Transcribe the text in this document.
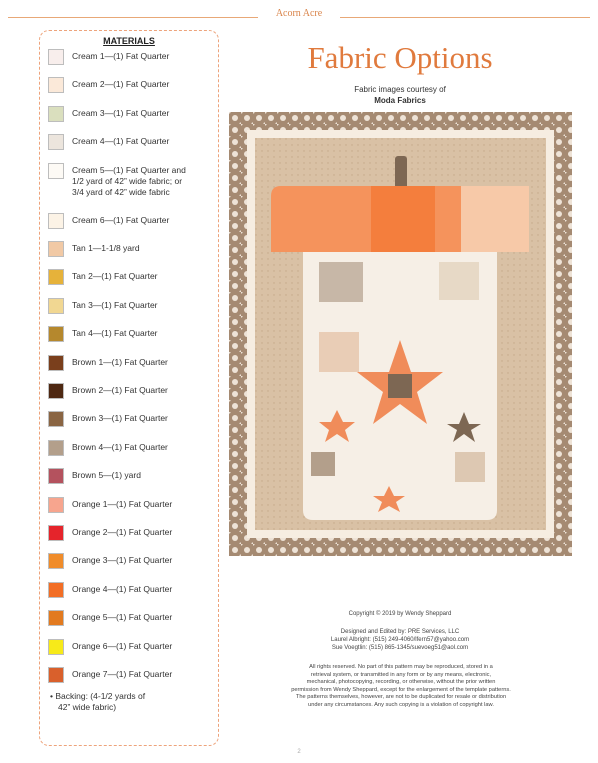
Acorn Acre
MATERIALS
Cream 1—(1) Fat Quarter
Cream 2—(1) Fat Quarter
Cream 3—(1) Fat Quarter
Cream 4—(1) Fat Quarter
Cream 5—(1) Fat Quarter and
1/2 yard of 42” wide fabric; or
3/4 yard of 42” wide fabric
Cream 6—(1) Fat Quarter
Tan 1—1-1/8 yard
Tan 2—(1) Fat Quarter
Tan 3—(1) Fat Quarter
Tan 4—(1) Fat Quarter
Brown 1—(1) Fat Quarter
Brown 2—(1) Fat Quarter
Brown 3—(1) Fat Quarter
Brown 4—(1) Fat Quarter
Brown 5—(1) yard
Orange 1—(1) Fat Quarter
Orange 2—(1) Fat Quarter
Orange 3—(1) Fat Quarter
Orange 4—(1) Fat Quarter
Orange 5—(1) Fat Quarter
Orange 6—(1) Fat Quarter
Orange 7—(1) Fat Quarter
• Backing: (4-1/2 yards of
42” wide fabric)
Fabric Options
Fabric images courtesy of
Moda Fabrics
Copyright © 2019 by Wendy Sheppard
Designed and Edited by: PRE Services, LLC
Laurel Albright: (515) 249-4060/lfern57@yahoo.com
Sue Voegtlin: (515) 865-1345/suevoeg51@aol.com
All rights reserved. No part of this pattern may be reproduced, stored in a
retrieval system, or transmitted in any form or by any means, electronic,
mechanical, photocopying, recording, or otherwise, without the prior written
permission from Wendy Sheppard, except for the enlargement of the template patterns.
The patterns themselves, however, are not to be duplicated for resale or distribution
under any circumstances. Any such copying is a violation of copyright law.
2
